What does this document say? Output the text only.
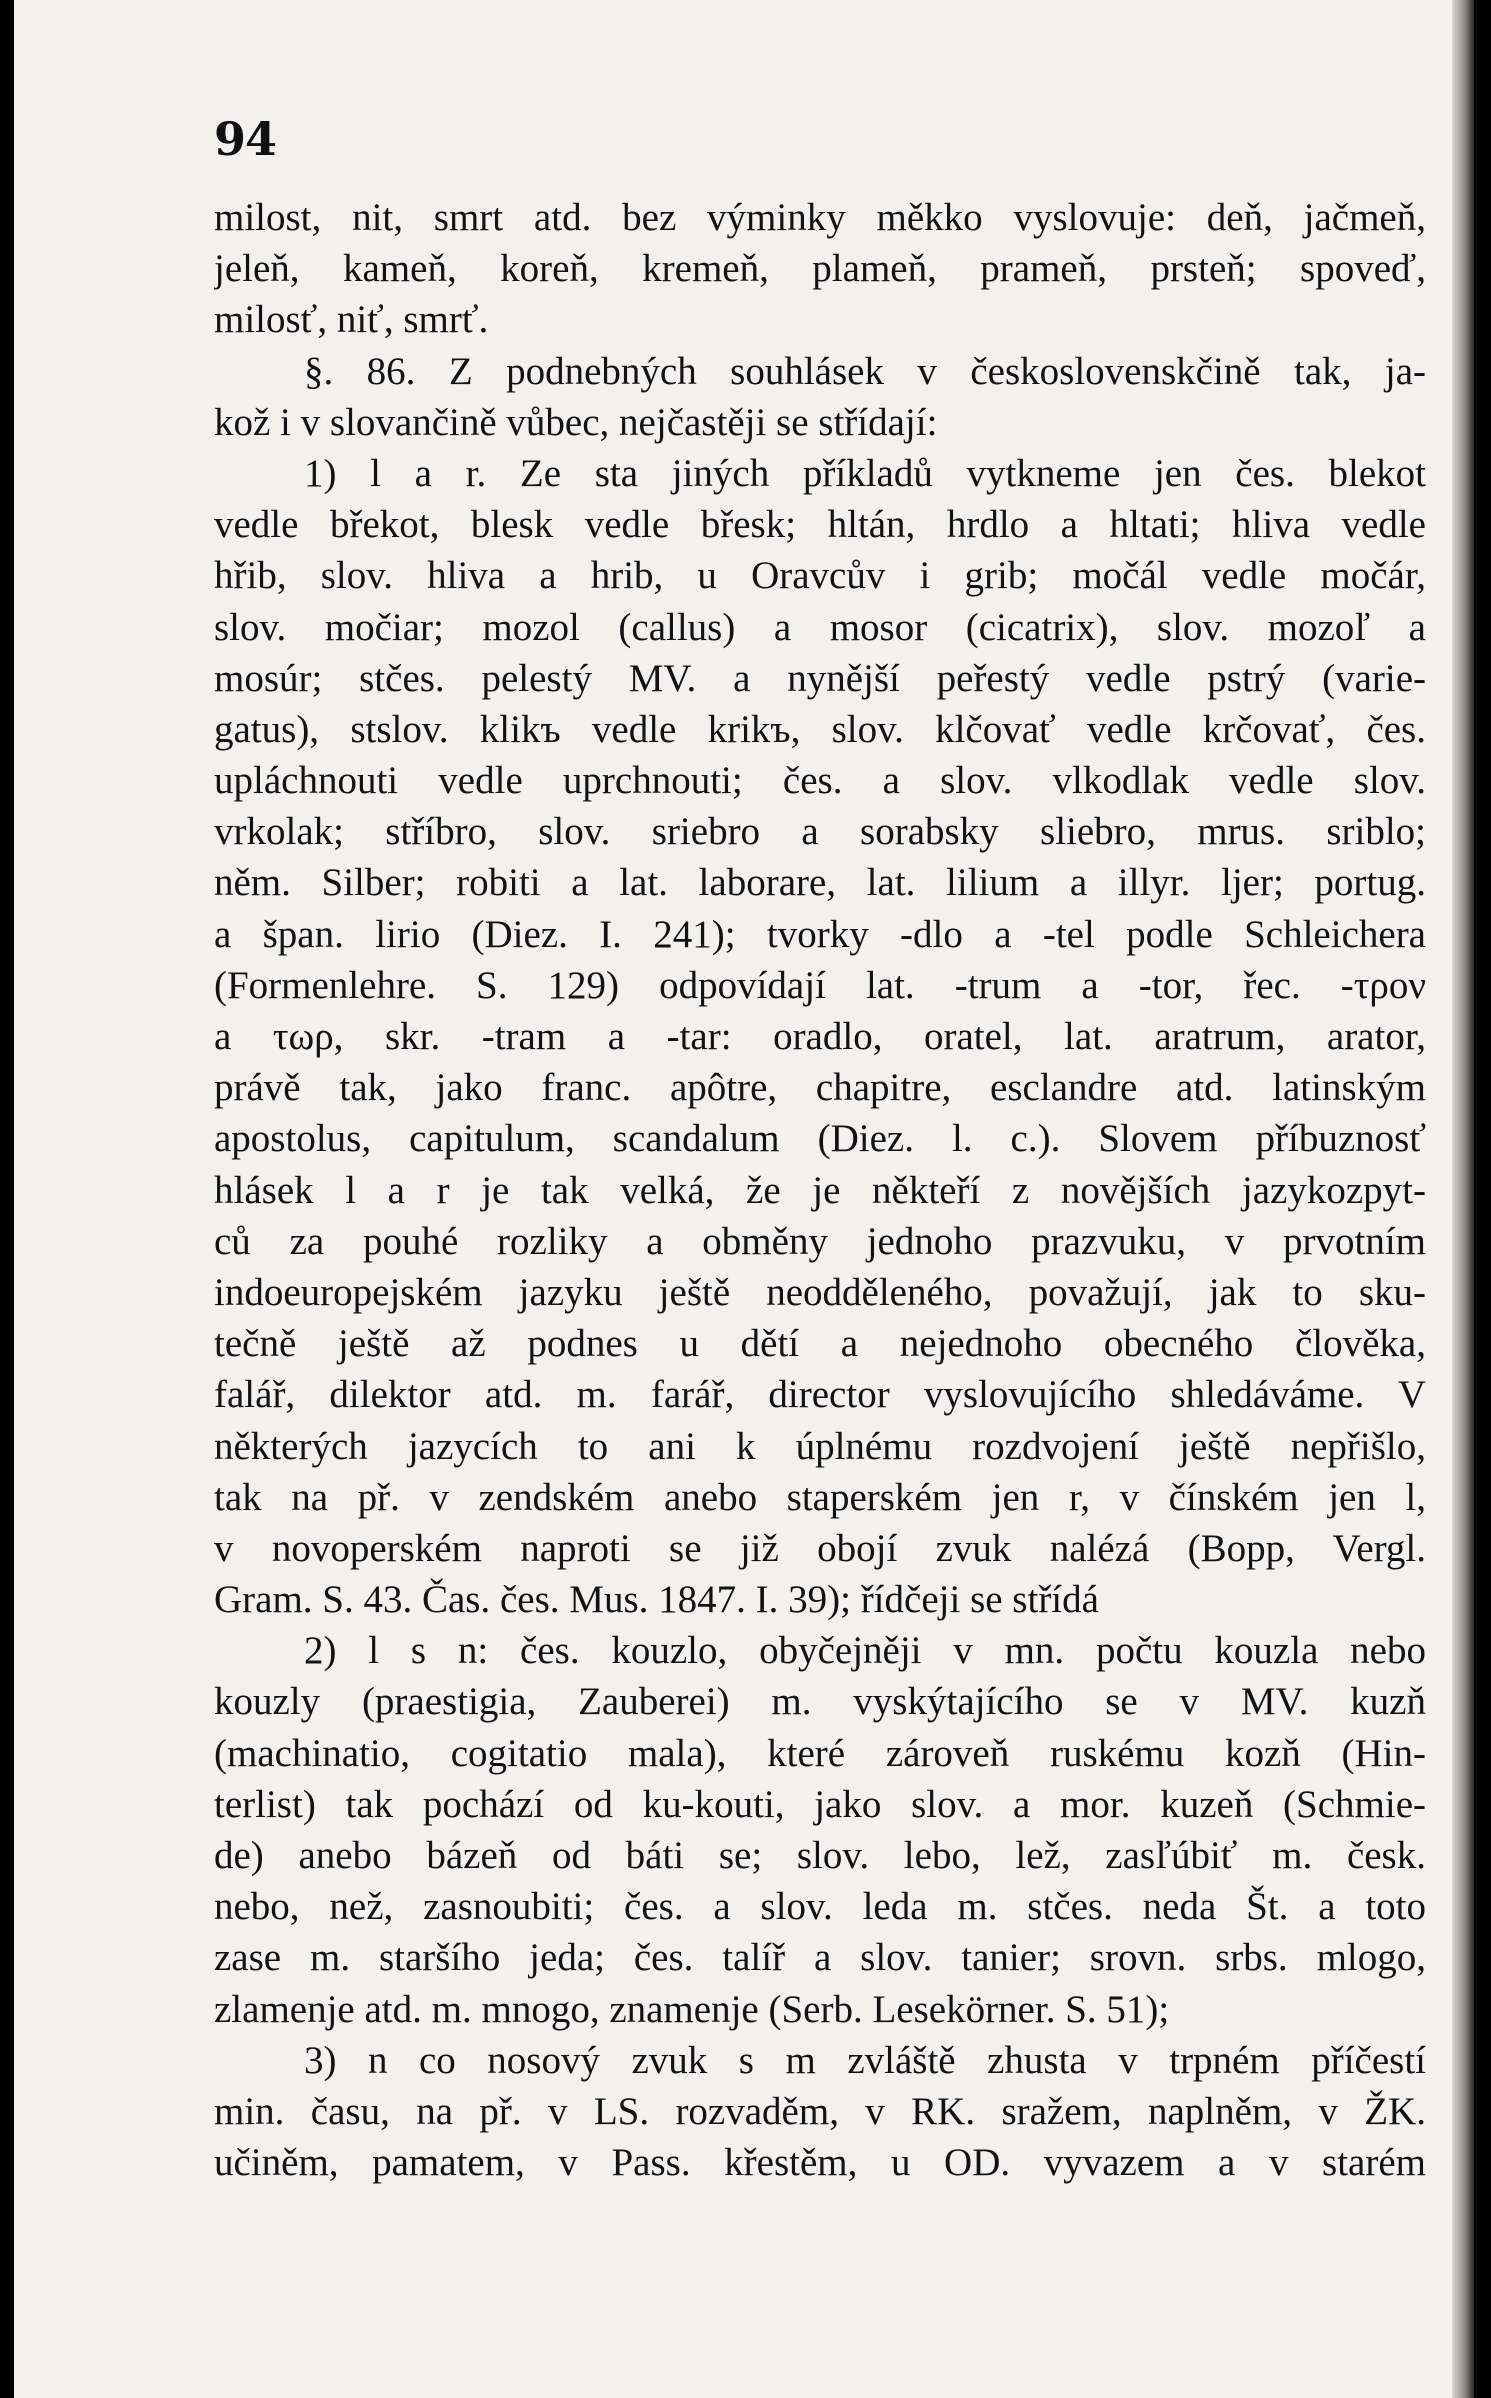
94
milost, nit, smrt atd. bez výminky měkko vyslovuje: deň, jačmeň,
jeleň, kameň, koreň, kremeň, plameň, prameň, prsteň; spoveď,
milosť, niť, smrť.
§. 86. Z podnebných souhlásek v československčině tak, ja-
kož i v slovančině vůbec, nejčastěji se střídají:
1) l a r. Ze sta jiných příkladů vytkneme jen čes. blekot
vedle břekot, blesk vedle břesk; hltán, hrdlo a hltati; hliva vedle
hřib, slov. hliva a hrib, u Oravcův i grib; močál vedle močár,
slov. močiar; mozol (callus) a mosor (cicatrix), slov. mozoľ a
mosúr; stčes. pelestý MV. a nynější peřestý vedle pstrý (varie-
gatus), stslov. klikъ vedle krikъ, slov. klčovať vedle krčovať, čes.
upláchnouti vedle uprchnouti; čes. a slov. vlkodlak vedle slov.
vrkolak; stříbro, slov. sriebro a sorabsky sliebro, mrus. sriblo;
něm. Silber; robiti a lat. laborare, lat. lilium a illyr. ljer; portug.
a špan. lirio (Diez. I. 241); tvorky -dlo a -tel podle Schleichera
(Formenlehre. S. 129) odpovídají lat. -trum a -tor, řec. -τρον
a τωρ, skr. -tram a -tar: oradlo, oratel, lat. aratrum, arator,
právě tak, jako franc. apôtre, chapitre, esclandre atd. latinským
apostolus, capitulum, scandalum (Diez. l. c.). Slovem příbuznosť
hlásek l a r je tak velká, že je někteří z novějších jazykozpyt-
ců za pouhé rozliky a obměny jednoho prazvuku, v prvotním
indoeuropejském jazyku ještě neodděleného, považují, jak to sku-
tečně ještě až podnes u dětí a nejednoho obecného člověka,
falář, dilektor atd. m. farář, director vyslovujícího shledáváme. V
některých jazycích to ani k úplnému rozdvojení ještě nepřišlo,
tak na př. v zendském anebo staperském jen r, v čínském jen l,
v novoperském naproti se již obojí zvuk nalézá (Bopp, Vergl.
Gram. S. 43. Čas. čes. Mus. 1847. I. 39); řídčeji se střídá
2) l s n: čes. kouzlo, obyčejněji v mn. počtu kouzla nebo
kouzly (praestigia, Zauberei) m. vyskýtajícího se v MV. kuzň
(machinatio, cogitatio mala), které zároveň ruskému kozň (Hin-
terlist) tak pochází od ku-kouti, jako slov. a mor. kuzeň (Schmie-
de) anebo bázeň od báti se; slov. lebo, lež, zasľúbiť m. česk.
nebo, než, zasnoubiti; čes. a slov. leda m. stčes. neda Št. a toto
zase m. staršího jeda; čes. talíř a slov. tanier; srovn. srbs. mlogo,
zlamenje atd. m. mnogo, znamenje (Serb. Lesekörner. S. 51);
3) n co nosový zvuk s m zvláště zhusta v trpném příčestí
min. času, na př. v LS. rozvaděm, v RK. sražem, naplněm, v ŽK.
učiněm, pamatem, v Pass. křestěm, u OD. vyvazem a v starém
